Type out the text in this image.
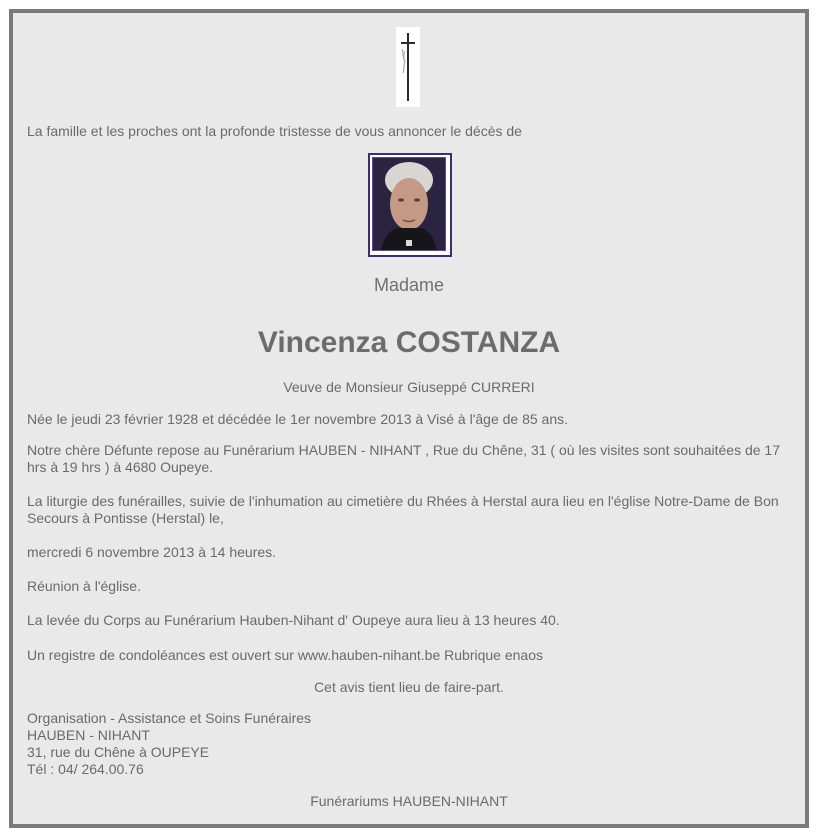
La famille et les proches ont la profonde tristesse de vous annoncer le décès de
Madame
Vincenza COSTANZA
Veuve de Monsieur Giuseppé CURRERI
Née le jeudi 23 février 1928 et décédée le 1er novembre 2013 à Visé à l'âge de 85 ans.
Notre chère Défunte repose au Funérarium HAUBEN - NIHANT , Rue du Chêne, 31 ( où les visites sont souhaitées de 17 hrs à 19 hrs ) à 4680 Oupeye.
La liturgie des funérailles, suivie de l'inhumation au cimetière du Rhées à Herstal aura lieu en l'église Notre-Dame de Bon Secours à Pontisse (Herstal) le,
mercredi 6 novembre 2013 à 14 heures.
Réunion à l'église.
La levée du Corps au Funérarium Hauben-Nihant d' Oupeye aura lieu à 13 heures 40.
Un registre de condoléances est ouvert sur www.hauben-nihant.be Rubrique enaos
Cet avis tient lieu de faire-part.
Organisation - Assistance et Soins Funéraires
HAUBEN - NIHANT
31, rue du Chêne à OUPEYE
Tél : 04/ 264.00.76
Funérariums HAUBEN-NIHANT
